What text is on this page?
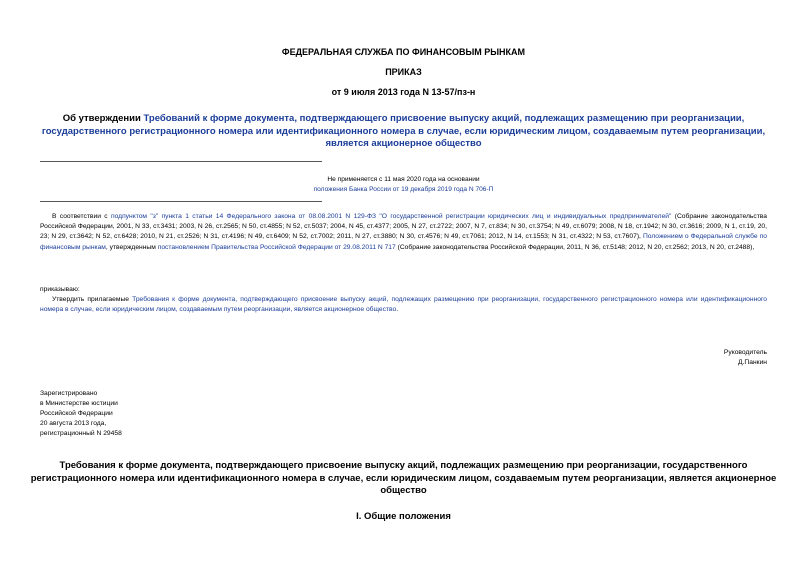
ФЕДЕРАЛЬНАЯ СЛУЖБА ПО ФИНАНСОВЫМ РЫНКАМ
ПРИКАЗ
от 9 июля 2013 года N 13-57/пз-н
Об утверждении Требований к форме документа, подтверждающего присвоение выпуску акций, подлежащих размещению при реорганизации, государственного регистрационного номера или идентификационного номера в случае, если юридическим лицом, создаваемым путем реорганизации, является акционерное общество
Не применяется с 11 мая 2020 года на основании
положения Банка России от 19 декабря 2019 года N 706-П
В соответствии с подпунктом "з" пункта 1 статьи 14 Федерального закона от 08.08.2001 N 129-ФЗ "О государственной регистрации юридических лиц и индивидуальных предпринимателей" (Собрание законодательства Российской Федерации, 2001, N 33, ст.3431; 2003, N 26, ст.2565; N 50, ст.4855; N 52, ст.5037; 2004, N 45, ст.4377; 2005, N 27, ст.2722; 2007, N 7, ст.834; N 30, ст.3754; N 49, ст.6079; 2008, N 18, ст.1942; N 30, ст.3616; 2009, N 1, ст.19, 20, 23; N 29, ст.3642; N 52, ст.6428; 2010, N 21, ст.2526; N 31, ст.4196; N 49, ст.6409; N 52, ст.7002; 2011, N 27, ст.3880; N 30, ст.4576; N 49, ст.7061; 2012, N 14, ст.1553; N 31, ст.4322; N 53, ст.7607), Положением о Федеральной службе по финансовым рынкам, утвержденным постановлением Правительства Российской Федерации от 29.08.2011 N 717 (Собрание законодательства Российской Федерации, 2011, N 36, ст.5148; 2012, N 20, ст.2562; 2013, N 20, ст.2488),
приказываю:
Утвердить прилагаемые Требования к форме документа, подтверждающего присвоение выпуску акций, подлежащих размещению при реорганизации, государственного регистрационного номера или идентификационного номера в случае, если юридическим лицом, создаваемым путем реорганизации, является акционерное общество.
Руководитель
Д.Панкин
Зарегистрировано
в Министерстве юстиции
Российской Федерации
20 августа 2013 года,
регистрационный N 29458
Требования к форме документа, подтверждающего присвоение выпуску акций, подлежащих размещению при реорганизации, государственного регистрационного номера или идентификационного номера в случае, если юридическим лицом, создаваемым путем реорганизации, является акционерное общество
I. Общие положения
